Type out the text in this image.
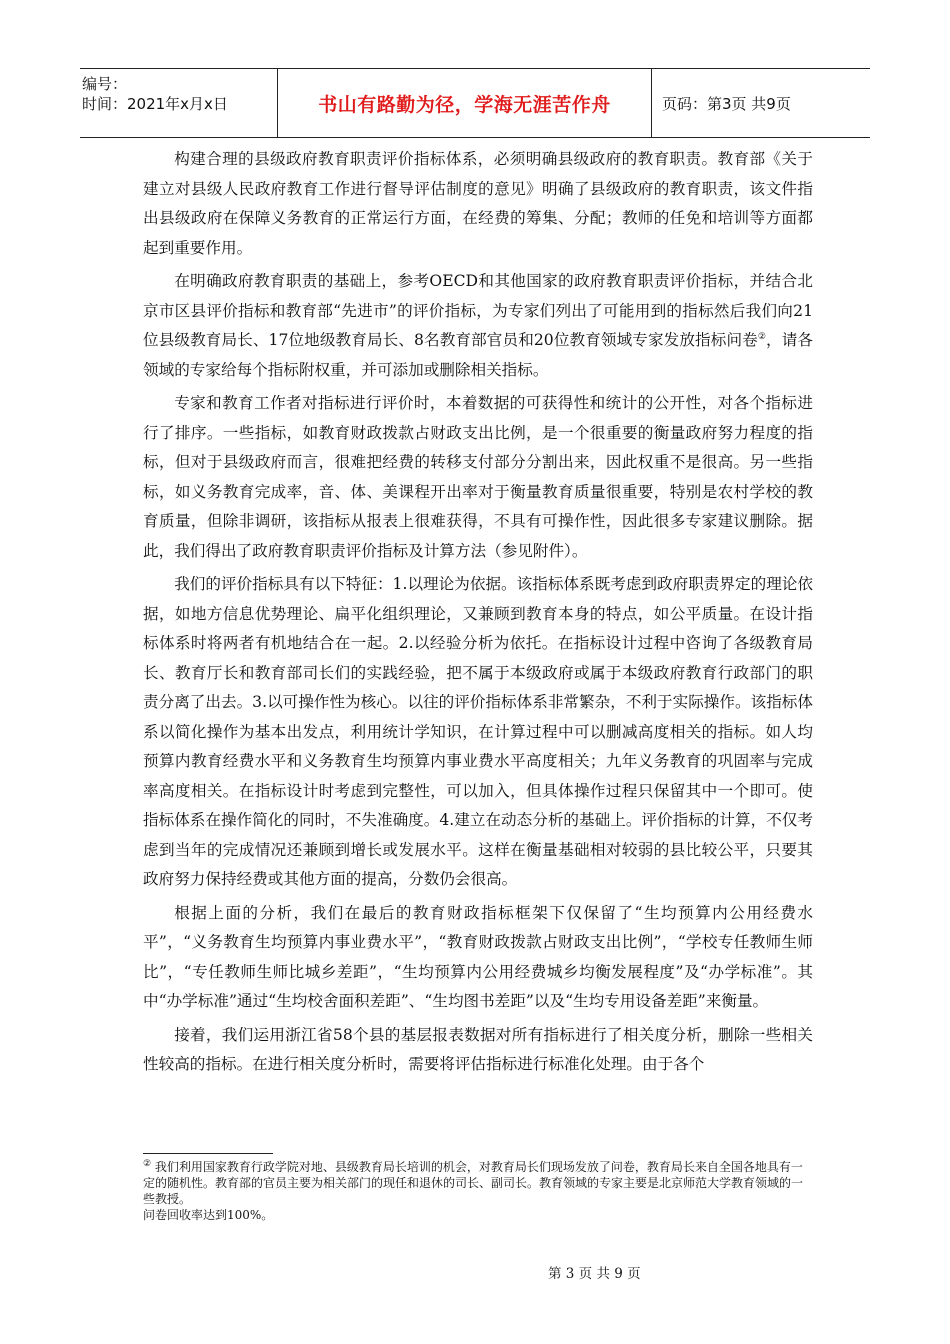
编号：
时间：2021年x月x日	书山有路勤为径，学海无涯苦作舟	页码：第3页 共9页

构建合理的县级政府教育职责评价指标体系，必须明确县级政府的教育职责。教育部《关于建立对县级人民政府教育工作进行督导评估制度的意见》明确了县级政府的教育职责，该文件指出县级政府在保障义务教育的正常运行方面，在经费的筹集、分配；教师的任免和培训等方面都起到重要作用。

在明确政府教育职责的基础上，参考OECD和其他国家的政府教育职责评价指标，并结合北京市区县评价指标和教育部“先进市”的评价指标，为专家们列出了可能用到的指标然后我们向21位县级教育局长、17位地级教育局长、8名教育部官员和20位教育领域专家发放指标问卷②，请各领域的专家给每个指标附权重，并可添加或删除相关指标。

专家和教育工作者对指标进行评价时，本着数据的可获得性和统计的公开性，对各个指标进行了排序。一些指标，如教育财政拨款占财政支出比例，是一个很重要的衡量政府努力程度的指标，但对于县级政府而言，很难把经费的转移支付部分分割出来，因此权重不是很高。另一些指标，如义务教育完成率，音、体、美课程开出率对于衡量教育质量很重要，特别是农村学校的教育质量，但除非调研，该指标从报表上很难获得，不具有可操作性，因此很多专家建议删除。据此，我们得出了政府教育职责评价指标及计算方法（参见附件）。

我们的评价指标具有以下特征：1.以理论为依据。该指标体系既考虑到政府职责界定的理论依据，如地方信息优势理论、扁平化组织理论，又兼顾到教育本身的特点，如公平质量。在设计指标体系时将两者有机地结合在一起。2.以经验分析为依托。在指标设计过程中咨询了各级教育局长、教育厅长和教育部司长们的实践经验，把不属于本级政府或属于本级政府教育行政部门的职责分离了出去。3.以可操作性为核心。以往的评价指标体系非常繁杂，不利于实际操作。该指标体系以简化操作为基本出发点，利用统计学知识，在计算过程中可以删减高度相关的指标。如人均预算内教育经费水平和义务教育生均预算内事业费水平高度相关；九年义务教育的巩固率与完成率高度相关。在指标设计时考虑到完整性，可以加入，但具体操作过程只保留其中一个即可。使指标体系在操作简化的同时，不失准确度。4.建立在动态分析的基础上。评价指标的计算，不仅考虑到当年的完成情况还兼顾到增长或发展水平。这样在衡量基础相对较弱的县比较公平，只要其政府努力保持经费或其他方面的提高，分数仍会很高。

根据上面的分析，我们在最后的教育财政指标框架下仅保留了“生均预算内公用经费水平”，“义务教育生均预算内事业费水平”，“教育财政拨款占财政支出比例”，“学校专任教师生师比”，“专任教师生师比城乡差距”，“生均预算内公用经费城乡均衡发展程度”及“办学标准”。其中“办学标准”通过“生均校舍面积差距”、“生均图书差距”以及“生均专用设备差距”来衡量。

接着，我们运用浙江省58个县的基层报表数据对所有指标进行了相关度分析，删除一些相关性较高的指标。在进行相关度分析时，需要将评估指标进行标准化处理。由于各个

② 我们利用国家教育行政学院对地、县级教育局长培训的机会，对教育局长们现场发放了问卷，教育局长来自全国各地具有一定的随机性。教育部的官员主要为相关部门的现任和退休的司长、副司长。教育领域的专家主要是北京师范大学教育领域的一些教授。
问卷回收率达到100%。
第 3 页 共 9 页
